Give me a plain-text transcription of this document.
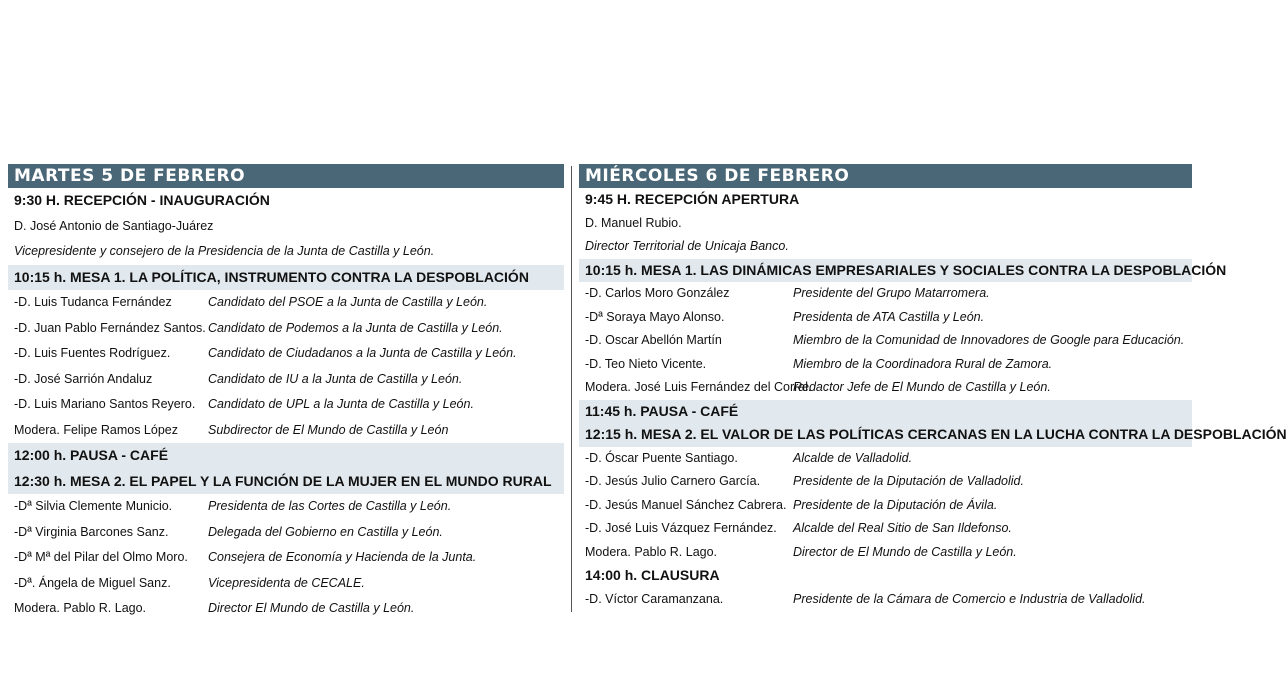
MARTES 5 DE FEBRERO
9:30 H. RECEPCIÓN - INAUGURACIÓN
D. José Antonio de Santiago-Juárez
Vicepresidente y consejero de la Presidencia de la Junta de Castilla y León.
10:15 h. MESA 1. LA POLÍTICA, INSTRUMENTO CONTRA LA DESPOBLACIÓN
-D. Luis Tudanca Fernández	Candidato del PSOE a la Junta de Castilla y León.
-D. Juan Pablo Fernández Santos. Candidato de Podemos a la Junta de Castilla y León.
-D. Luis Fuentes Rodríguez.	Candidato de Ciudadanos a la Junta de Castilla y León.
-D. José Sarrión Andaluz	Candidato de IU a la Junta de Castilla y León.
-D. Luis Mariano Santos Reyero. Candidato de UPL a la Junta de Castilla y León.
Modera. Felipe Ramos López Subdirector de El Mundo de Castilla y León
12:00 h. PAUSA - CAFÉ
12:30 h. MESA 2. EL PAPEL Y LA FUNCIÓN DE LA MUJER EN EL MUNDO RURAL
-Dª Silvia Clemente Municio.	Presidenta de las Cortes de Castilla y León.
-Dª Virginia Barcones Sanz.	Delegada del Gobierno en Castilla y León.
-Dª Mª del Pilar del Olmo Moro. Consejera de Economía y Hacienda de la Junta.
-Dª. Ángela de Miguel Sanz.	Vicepresidenta de CECALE.
Modera. Pablo R. Lago.	Director El Mundo de Castilla y León.
MIÉRCOLES 6 DE FEBRERO
9:45 H. RECEPCIÓN APERTURA
D. Manuel Rubio.
Director Territorial de Unicaja Banco.
10:15 h. MESA 1. LAS DINÁMICAS EMPRESARIALES Y SOCIALES CONTRA LA DESPOBLACIÓN
-D. Carlos Moro González	Presidente del Grupo Matarromera.
-Dª Soraya Mayo Alonso.	Presidenta de ATA Castilla y León.
-D. Oscar Abellón Martín	Miembro de la Comunidad de Innovadores de Google para Educación.
-D. Teo Nieto Vicente.	Miembro de la Coordinadora Rural de Zamora.
Modera. José Luis Fernández del Corral.Redactor Jefe de El Mundo de Castilla y León.
11:45 h. PAUSA - CAFÉ
12:15 h. MESA 2. EL VALOR DE LAS POLÍTICAS CERCANAS EN LA LUCHA CONTRA LA DESPOBLACIÓN
-D. Óscar Puente Santiago.	Alcalde de Valladolid.
-D. Jesús Julio Carnero García.	Presidente de la Diputación de Valladolid.
-D. Jesús Manuel Sánchez Cabrera. Presidente de la Diputación de Ávila.
-D. José Luis Vázquez Fernández. Alcalde del Real Sitio de San Ildefonso.
Modera. Pablo R. Lago.	Director de El Mundo de Castilla y León.
14:00 h. CLAUSURA
-D. Víctor Caramanzana.	Presidente de la Cámara de Comercio e Industria de Valladolid.
